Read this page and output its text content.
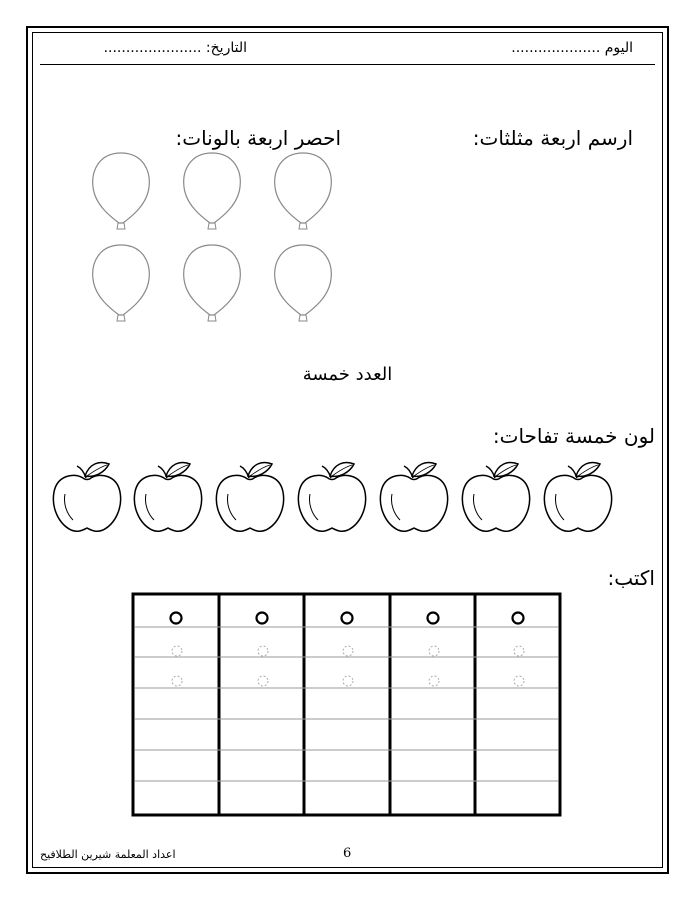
اليوم ....................
التاريخ: ......................
ارسم اربعة مثلثات:
احصر اربعة بالونات:
العدد خمسة
لون خمسة تفاحات:
اكتب:
اعداد المعلمة شيرين الطلافيح	6
